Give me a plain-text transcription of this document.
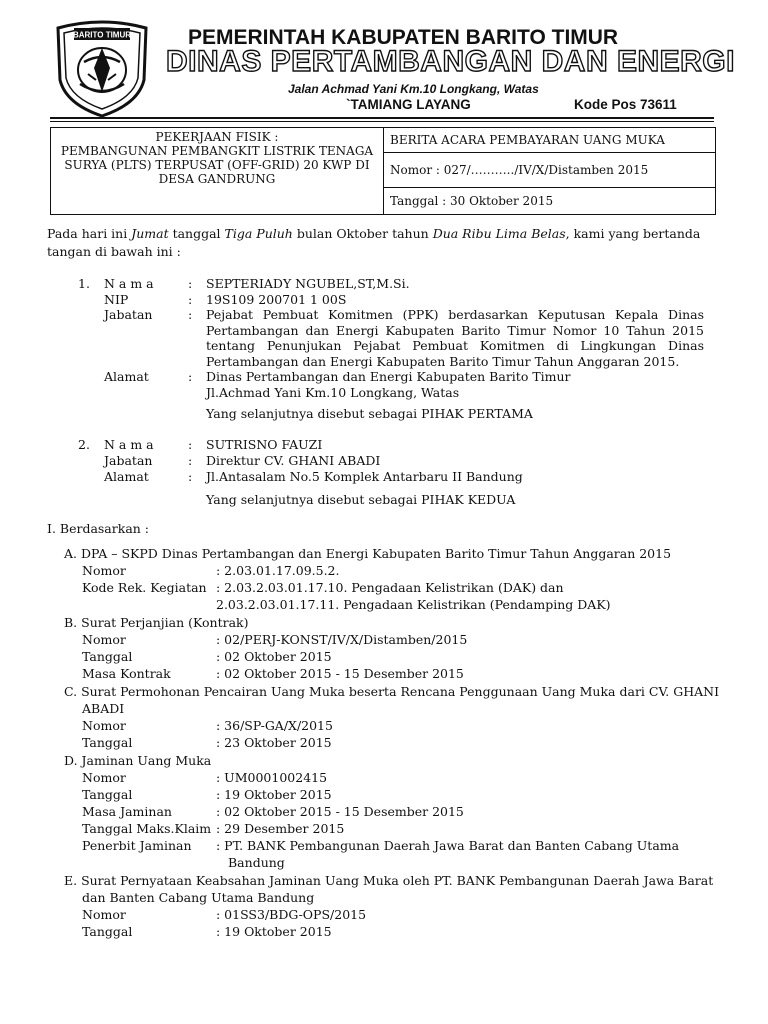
BARITO TIMUR	PEMERINTAH KABUPATEN BARITO TIMUR
DINAS PERTAMBANGAN DAN ENERGI
Jalan Achmad Yani Km.10 Longkang, Watas
`TAMIANG LAYANG	Kode Pos 73611
PEKERJAAN FISIK :
PEMBANGUNAN PEMBANGKIT LISTRIK TENAGA
SURYA (PLTS) TERPUSAT (OFF-GRID) 20 KWP DI
DESA GANDRUNG
	BERITA ACARA PEMBAYARAN UANG MUKA
Nomor : 027/………../IV/X/Distamben 2015
Tanggal : 30 Oktober 2015
Pada hari ini Jumat tanggal Tiga Puluh bulan Oktober tahun Dua Ribu Lima Belas, kami yang bertanda tangan di bawah ini :
1. N a m a	: SEPTERIADY NGUBEL,ST,M.Si.
NIP	: 19S109 200701 1 00S
Jabatan	: Pejabat Pembuat Komitmen (PPK) berdasarkan Keputusan Kepala Dinas Pertambangan dan Energi Kabupaten Barito Timur Nomor 10 Tahun 2015 tentang Penunjukan Pejabat Pembuat Komitmen di Lingkungan Dinas Pertambangan dan Energi Kabupaten Barito Timur Tahun Anggaran 2015.
Alamat	: Dinas Pertambangan dan Energi Kabupaten Barito Timur
Jl.Achmad Yani Km.10 Longkang, Watas
Yang selanjutnya disebut sebagai PIHAK PERTAMA
2. N a m a	: SUTRISNO FAUZI
Jabatan	: Direktur CV. GHANI ABADI
Alamat	: Jl.Antasalam No.5 Komplek Antarbaru II Bandung
Yang selanjutnya disebut sebagai PIHAK KEDUA
I. Berdasarkan :
A. DPA – SKPD Dinas Pertambangan dan Energi Kabupaten Barito Timur Tahun Anggaran 2015
Nomor	: 2.03.01.17.09.5.2.
Kode Rek. Kegiatan : 2.03.2.03.01.17.10. Pengadaan Kelistrikan (DAK) dan
2.03.2.03.01.17.11. Pengadaan Kelistrikan (Pendamping DAK)
B. Surat Perjanjian (Kontrak)
Nomor	: 02/PERJ-KONST/IV/X/Distamben/2015
Tanggal	: 02 Oktober 2015
Masa Kontrak	: 02 Oktober 2015 - 15 Desember 2015
C. Surat Permohonan Pencairan Uang Muka beserta Rencana Penggunaan Uang Muka dari CV. GHANI
ABADI
Nomor	: 36/SP-GA/X/2015
Tanggal	: 23 Oktober 2015
D. Jaminan Uang Muka
Nomor	: UM0001002415
Tanggal	: 19 Oktober 2015
Masa Jaminan	: 02 Oktober 2015 - 15 Desember 2015
Tanggal Maks.Klaim : 29 Desember 2015
Penerbit Jaminan : PT. BANK Pembangunan Daerah Jawa Barat dan Banten Cabang Utama
Bandung
E. Surat Pernyataan Keabsahan Jaminan Uang Muka oleh PT. BANK Pembangunan Daerah Jawa Barat
dan Banten Cabang Utama Bandung
Nomor	: 01SS3/BDG-OPS/2015
Tanggal	: 19 Oktober 2015
